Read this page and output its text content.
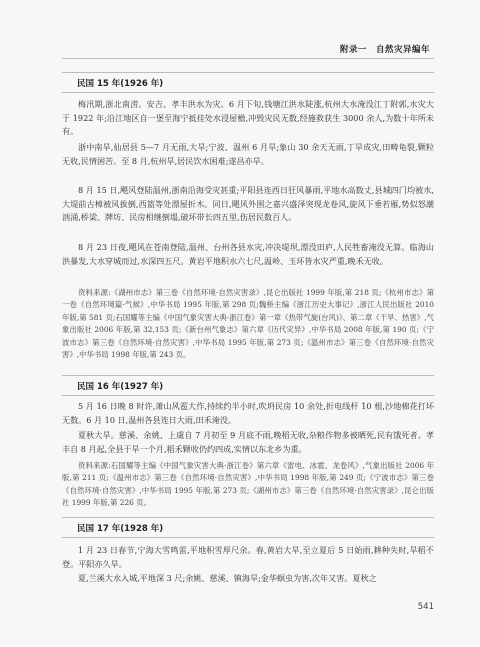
附录一　自然灾异编年
民国 15 年(1926 年)

梅汛期,浙北南涝。安吉、孝丰洪水为灾。6 月下旬,钱塘江洪水陡涨,杭州大水淹没江丁附郭,水灾大于 1922 年;沿江地区自一堡至海宁抵挂处水浸屋檐,冲毁灾民无数,经施救获生 3000 余人,为数十年所未有。

浙中南旱,仙居县 5—7 月无雨,大旱;宁波、温州 6 月旱;象山 30 余天无雨,丁旱成灾,田畴龟裂,颗粒无收,民情困苦。至 8 月,杭州旱,居民饮水困难;遂昌亦旱。

8 月 15 日,飓风登陆温州,浙南沿海受灾甚重;平阳县连西日狂风暴雨,平地水高数丈,县城四门均被水,大堤前古樟被风拔倒,西篮等处漂屋折木。同日,飓风外围之嘉兴盛泽突现龙卷风,旋风下垂若雁,势似怒潮汹涌,桥梁、牌坊、民房相继倒塌,破坏带长四五里,伤居民数百人。

8 月 23 日夜,飓风在苍南登陆,温州、台州各县水灾,冲决堤坝,漂没田庐,人民牲畜淹没无算。临海山洪暴发,大水穿城而过,水深四五尺。黄岩平地积水六七尺,温岭、玉环皆水灾严重,晚禾无收。

资料来源:《湖州市志》第三卷《自然环境·自然灾害录》,昆仑出版社 1999 年版,第 218 页;《杭州市志》第一卷《自然环境篇·气候》,中华书局 1995 年版,第 298 页;魏桥主编《浙江历史大事记》,浙江人民出版社 2010 年版,第 581 页;石国耀等主编《中国气象灾害大典·浙江卷》第一章《热带气旋(台风)》、第二章《干旱、热害》,气象出版社 2006 年版,第 32,153 页;《新台州气象志》第六章《历代灾异》,中华书局 2008 年版,第 190 页;《宁波市志》第三卷《自然环境·自然灾害》,中华书局 1995 年版,第 273 页;《温州市志》第三卷《自然环境·自然灾害》,中华书局 1998 年版,第 243 页。

民国 16 年(1927 年)

5 月 16 日晚 8 时许,萧山风雹大作,持续约半小时,吹坍民房 10 余处,折电线杆 10 根,沙地棉花打坏无数。6 月 10 日,温州各县连日大雨,田禾淹没。

夏秋大旱。慈溪、余姚、上虞自 7 月初至 9 月底不雨,晚稻无收,杂粮作物多被晒死,民有饿死者。孝丰自 8 月起,全县于旱一个月,稻禾颗收仍约四成,实情以东北乡为重。

资料来源:石国耀等主编《中国气象灾害大典·浙江卷》第六章《雷电、冰雹、龙卷风》,气象出版社 2006 年版,第 211 页;《温州市志》第三卷《自然环境·自然灾害》,中华书局 1998 年版,第 249 页;《宁波市志》第三卷《自然环境·自然灾害》,中华书局 1995 年版,第 273 页;《湖州市志》第三卷《自然环境·自然灾害录》,昆仑出版社 1999 年版,第 226 页。

民国 17 年(1928 年)

1 月 23 日春节,宁海大雪鸣雷,平地积雪厚尺余。春,黄岩大旱,至立夏后 5 日始雨,耕种失时,旱稻不登。平阳亦久旱。

夏,兰溪大水入城,平地深 3 尺;余姚、慈溪、镇海旱;金华螟虫为害,次年又害。夏秋之

541
